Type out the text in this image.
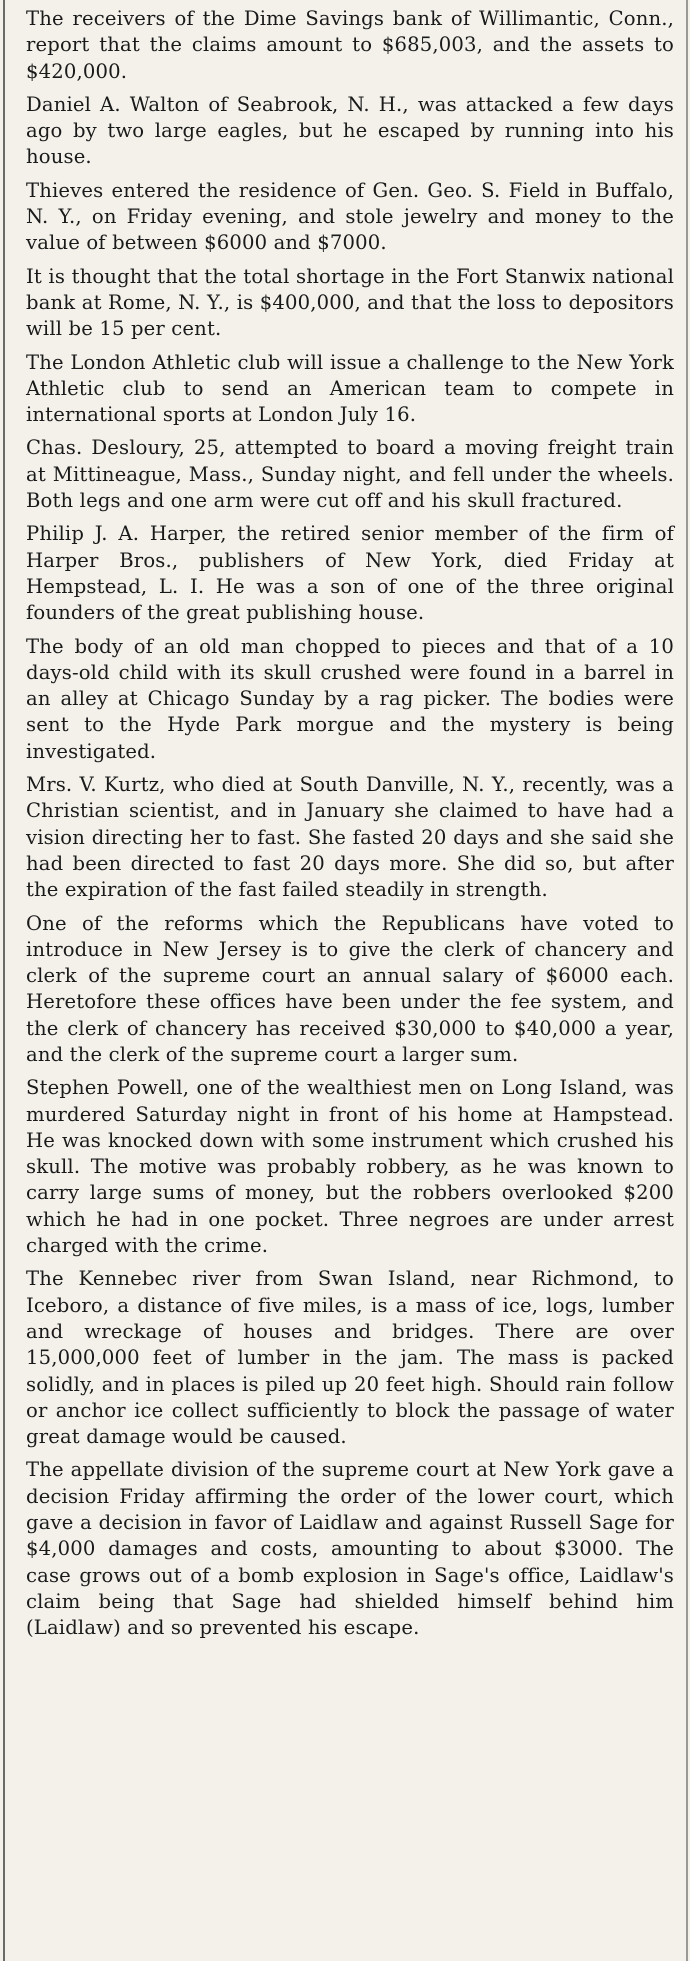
The receivers of the Dime Savings bank of Willimantic, Conn., report that the claims amount to $685,003, and the assets to $420,000.

Daniel A. Walton of Seabrook, N. H., was attacked a few days ago by two large eagles, but he escaped by running into his house.

Thieves entered the residence of Gen. Geo. S. Field in Buffalo, N. Y., on Friday evening, and stole jewelry and money to the value of between $6000 and $7000.

It is thought that the total shortage in the Fort Stanwix national bank at Rome, N. Y., is $400,000, and that the loss to depositors will be 15 per cent.

The London Athletic club will issue a challenge to the New York Athletic club to send an American team to compete in international sports at London July 16.

Chas. Desloury, 25, attempted to board a moving freight train at Mittineague, Mass., Sunday night, and fell under the wheels. Both legs and one arm were cut off and his skull fractured.

Philip J. A. Harper, the retired senior member of the firm of Harper Bros., publishers of New York, died Friday at Hempstead, L. I. He was a son of one of the three original founders of the great publishing house.

The body of an old man chopped to pieces and that of a 10 days-old child with its skull crushed were found in a barrel in an alley at Chicago Sunday by a rag picker. The bodies were sent to the Hyde Park morgue and the mystery is being investigated.

Mrs. V. Kurtz, who died at South Danville, N. Y., recently, was a Christian scientist, and in January she claimed to have had a vision directing her to fast. She fasted 20 days and she said she had been directed to fast 20 days more. She did so, but after the expiration of the fast failed steadily in strength.

One of the reforms which the Republicans have voted to introduce in New Jersey is to give the clerk of chancery and clerk of the supreme court an annual salary of $6000 each. Heretofore these offices have been under the fee system, and the clerk of chancery has received $30,000 to $40,000 a year, and the clerk of the supreme court a larger sum.

Stephen Powell, one of the wealthiest men on Long Island, was murdered Saturday night in front of his home at Hampstead. He was knocked down with some instrument which crushed his skull. The motive was probably robbery, as he was known to carry large sums of money, but the robbers overlooked $200 which he had in one pocket. Three negroes are under arrest charged with the crime.

The Kennebec river from Swan Island, near Richmond, to Iceboro, a distance of five miles, is a mass of ice, logs, lumber and wreckage of houses and bridges. There are over 15,000,000 feet of lumber in the jam. The mass is packed solidly, and in places is piled up 20 feet high. Should rain follow or anchor ice collect sufficiently to block the passage of water great damage would be caused.

The appellate division of the supreme court at New York gave a decision Friday affirming the order of the lower court, which gave a decision in favor of Laidlaw and against Russell Sage for $4,000 damages and costs, amounting to about $3000. The case grows out of a bomb explosion in Sage's office, Laidlaw's claim being that Sage had shielded himself behind him (Laidlaw) and so prevented his escape.
